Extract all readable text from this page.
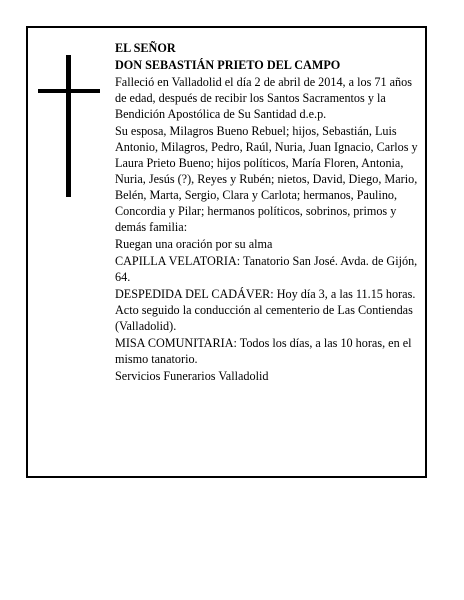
EL SEÑOR

DON SEBASTIÁN PRIETO DEL CAMPO

Falleció en Valladolid el día 2 de abril de 2014, a los 71 años de edad, después de recibir los Santos Sacramentos y la Bendición Apostólica de Su Santidad d.e.p.

Su esposa, Milagros Bueno Rebuel; hijos, Sebastián, Luis Antonio, Milagros, Pedro, Raúl, Nuria, Juan Ignacio, Carlos y Laura Prieto Bueno; hijos políticos, María Floren, Antonia, Nuria, Jesús (?), Reyes y Rubén; nietos, David, Diego, Mario, Belén, Marta, Sergio, Clara y Carlota; hermanos, Paulino, Concordia y Pilar; hermanos políticos, sobrinos, primos y demás familia:

Ruegan una oración por su alma

CAPILLA VELATORIA: Tanatorio San José. Avda. de Gijón, 64.

DESPEDIDA DEL CADÁVER: Hoy día 3, a las 11.15 horas. Acto seguido la conducción al cementerio de Las Contiendas (Valladolid).

MISA COMUNITARIA: Todos los días, a las 10 horas, en el mismo tanatorio.

Servicios Funerarios Valladolid
